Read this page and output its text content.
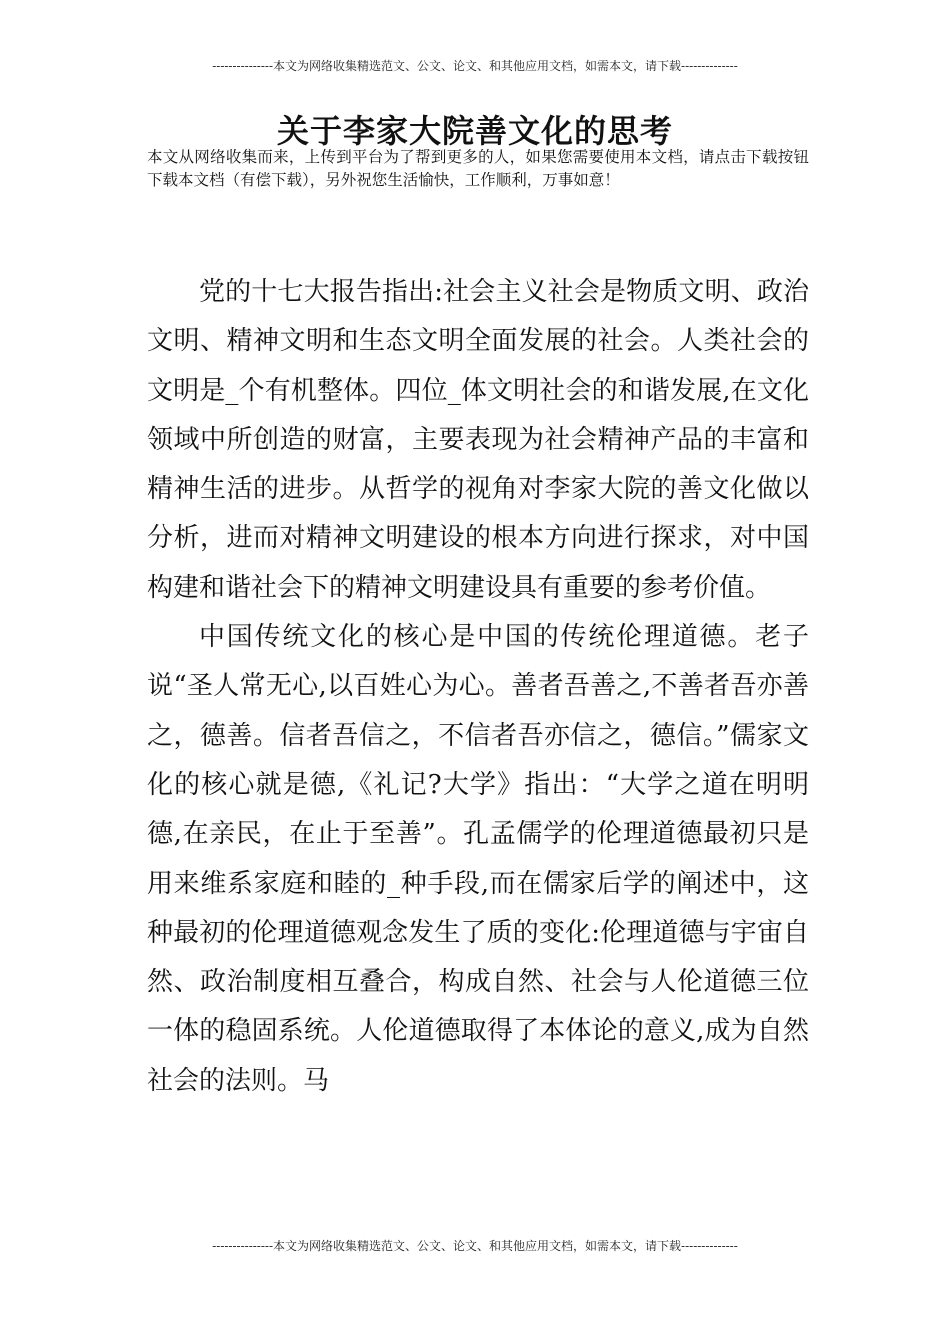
---------------本文为网络收集精选范文、公文、论文、和其他应用文档，如需本文，请下载--------------
关于李家大院善文化的思考
本文从网络收集而来，上传到平台为了帮到更多的人，如果您需要使用本文档，请点击下载按钮下载本文档（有偿下载），另外祝您生活愉快，工作顺利，万事如意！

党的十七大报告指出:社会主义社会是物质文明、政治文明、精神文明和生态文明全面发展的社会。人类社会的文明是_个有机整体。四位_体文明社会的和谐发展,在文化领域中所创造的财富，主要表现为社会精神产品的丰富和精神生活的进步。从哲学的视角对李家大院的善文化做以分析，进而对精神文明建设的根本方向进行探求，对中国构建和谐社会下的精神文明建设具有重要的参考价值。

中国传统文化的核心是中国的传统伦理道德。老子说“圣人常无心,以百姓心为心。善者吾善之,不善者吾亦善之，德善。信者吾信之，不信者吾亦信之，德信。”儒家文化的核心就是德,《礼记?大学》指出：“大学之道在明明德,在亲民，在止于至善”。孔孟儒学的伦理道德最初只是用来维系家庭和睦的_种手段,而在儒家后学的阐述中，这种最初的伦理道德观念发生了质的变化:伦理道德与宇宙自然、政治制度相互叠合，构成自然、社会与人伦道德三位一体的稳固系统。人伦道德取得了本体论的意义,成为自然社会的法则。马

---------------本文为网络收集精选范文、公文、论文、和其他应用文档，如需本文，请下载--------------
